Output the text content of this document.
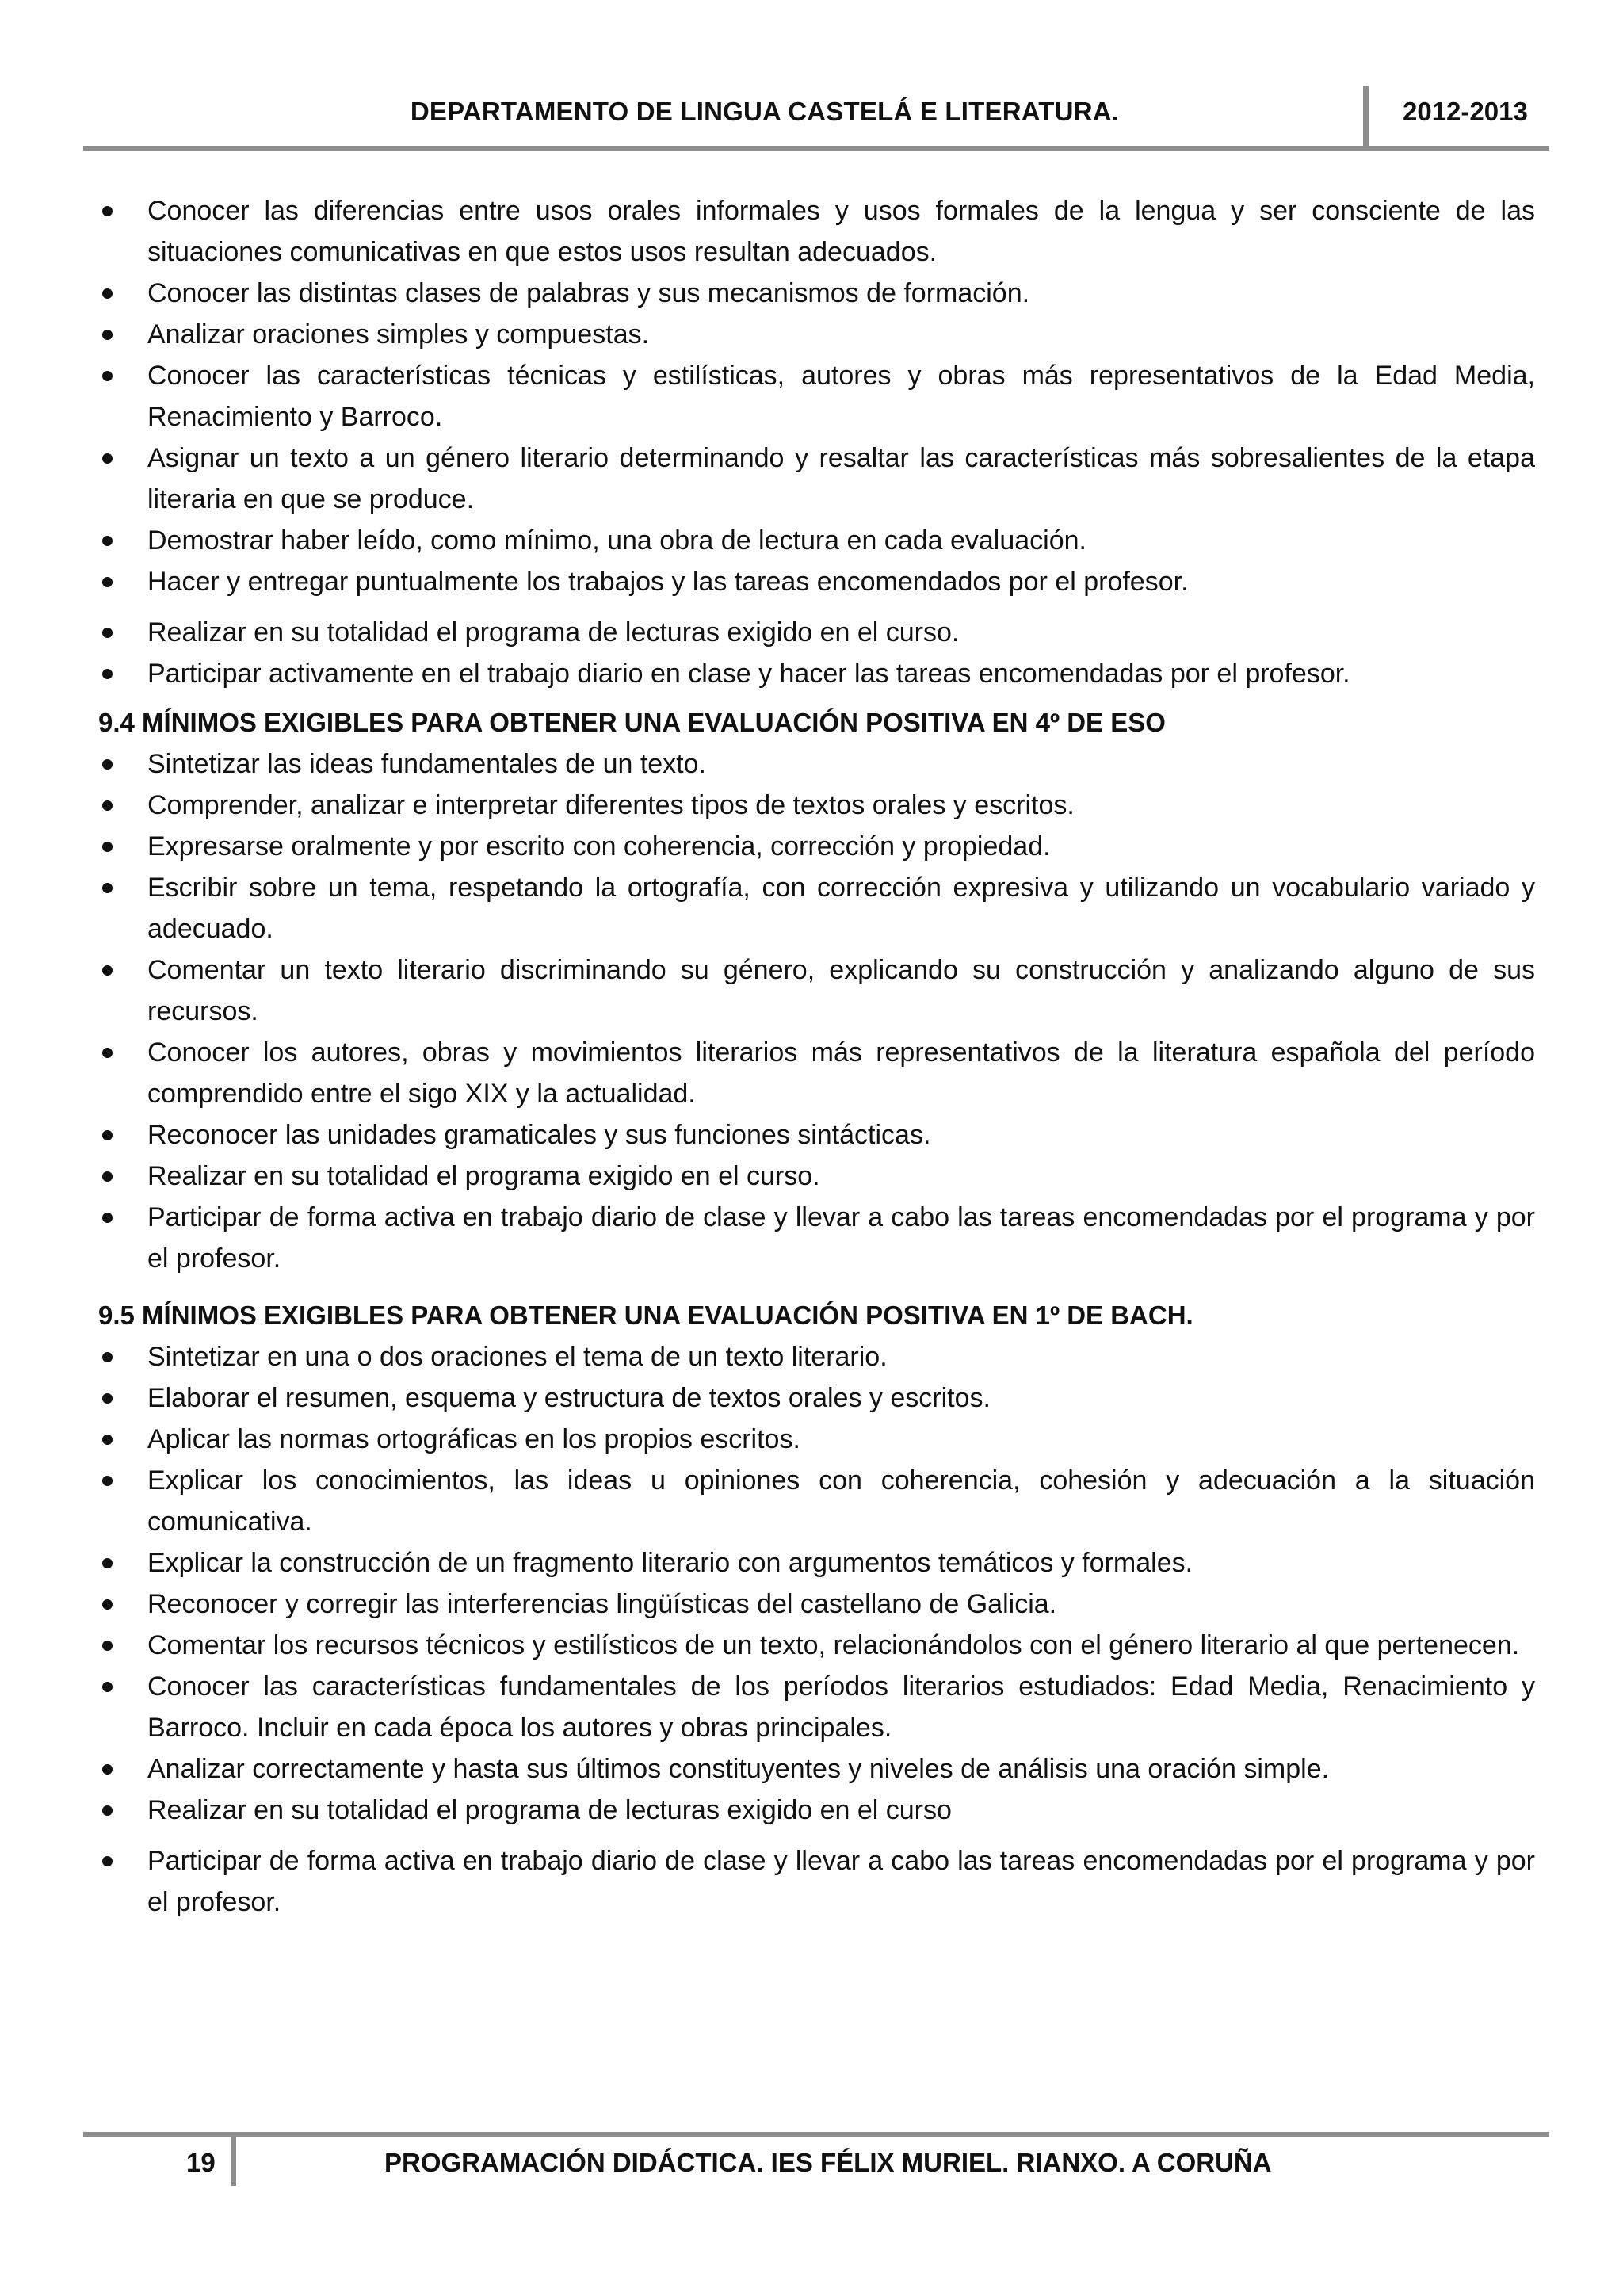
DEPARTAMENTO DE LINGUA CASTELÁ E LITERATURA.	2012-2013
Conocer las diferencias entre usos orales informales y usos formales de la lengua y ser consciente de las situaciones comunicativas en que estos usos resultan adecuados.
Conocer las distintas clases de palabras y sus mecanismos de formación.
Analizar oraciones simples y compuestas.
Conocer las características técnicas y estilísticas, autores y obras más representativos de la Edad Media, Renacimiento y Barroco.
Asignar un texto a un género literario determinando y resaltar las características más sobresalientes de la etapa literaria en que se produce.
Demostrar haber leído, como mínimo, una obra de lectura en cada evaluación.
Hacer y entregar puntualmente los trabajos y las tareas encomendados por el profesor.
Realizar en su totalidad el programa de lecturas exigido en el curso.
Participar activamente en el trabajo diario en clase y hacer las tareas encomendadas por el profesor.
9.4 MÍNIMOS EXIGIBLES PARA OBTENER UNA EVALUACIÓN POSITIVA EN 4º DE ESO
Sintetizar las ideas fundamentales de un texto.
Comprender, analizar e interpretar diferentes tipos de textos orales y escritos.
Expresarse oralmente y por escrito con coherencia, corrección y propiedad.
Escribir sobre un tema, respetando la ortografía, con corrección expresiva y utilizando un vocabulario variado y adecuado.
Comentar un texto literario discriminando su género, explicando su construcción y analizando alguno de sus recursos.
Conocer los autores, obras y movimientos literarios más representativos de la literatura española del período comprendido entre el sigo XIX y la actualidad.
Reconocer las unidades gramaticales y sus funciones sintácticas.
Realizar en su totalidad el programa exigido en el curso.
Participar de forma activa en trabajo diario de clase y llevar a cabo las tareas encomendadas por el programa y por el profesor.
9.5 MÍNIMOS EXIGIBLES PARA OBTENER UNA EVALUACIÓN POSITIVA EN 1º DE BACH.
Sintetizar en una o dos oraciones el tema de un texto literario.
Elaborar el resumen, esquema y estructura de textos orales y escritos.
Aplicar las normas ortográficas en los propios escritos.
Explicar los conocimientos, las ideas u opiniones con coherencia, cohesión y adecuación a la situación comunicativa.
Explicar la construcción de un fragmento literario con argumentos temáticos y formales.
Reconocer y corregir las interferencias lingüísticas del castellano de Galicia.
Comentar los recursos técnicos y estilísticos de un texto, relacionándolos con el género literario al que pertenecen.
Conocer las características fundamentales de los períodos literarios estudiados: Edad Media, Renacimiento y Barroco. Incluir en cada época los autores y obras principales.
Analizar correctamente y hasta sus últimos constituyentes y niveles de análisis una oración simple.
Realizar en su totalidad el programa de lecturas exigido en el curso
Participar de forma activa en trabajo diario de clase y llevar a cabo las tareas encomendadas por el programa y por el profesor.
19	PROGRAMACIÓN DIDÁCTICA. IES FÉLIX MURIEL. RIANXO. A CORUÑA
